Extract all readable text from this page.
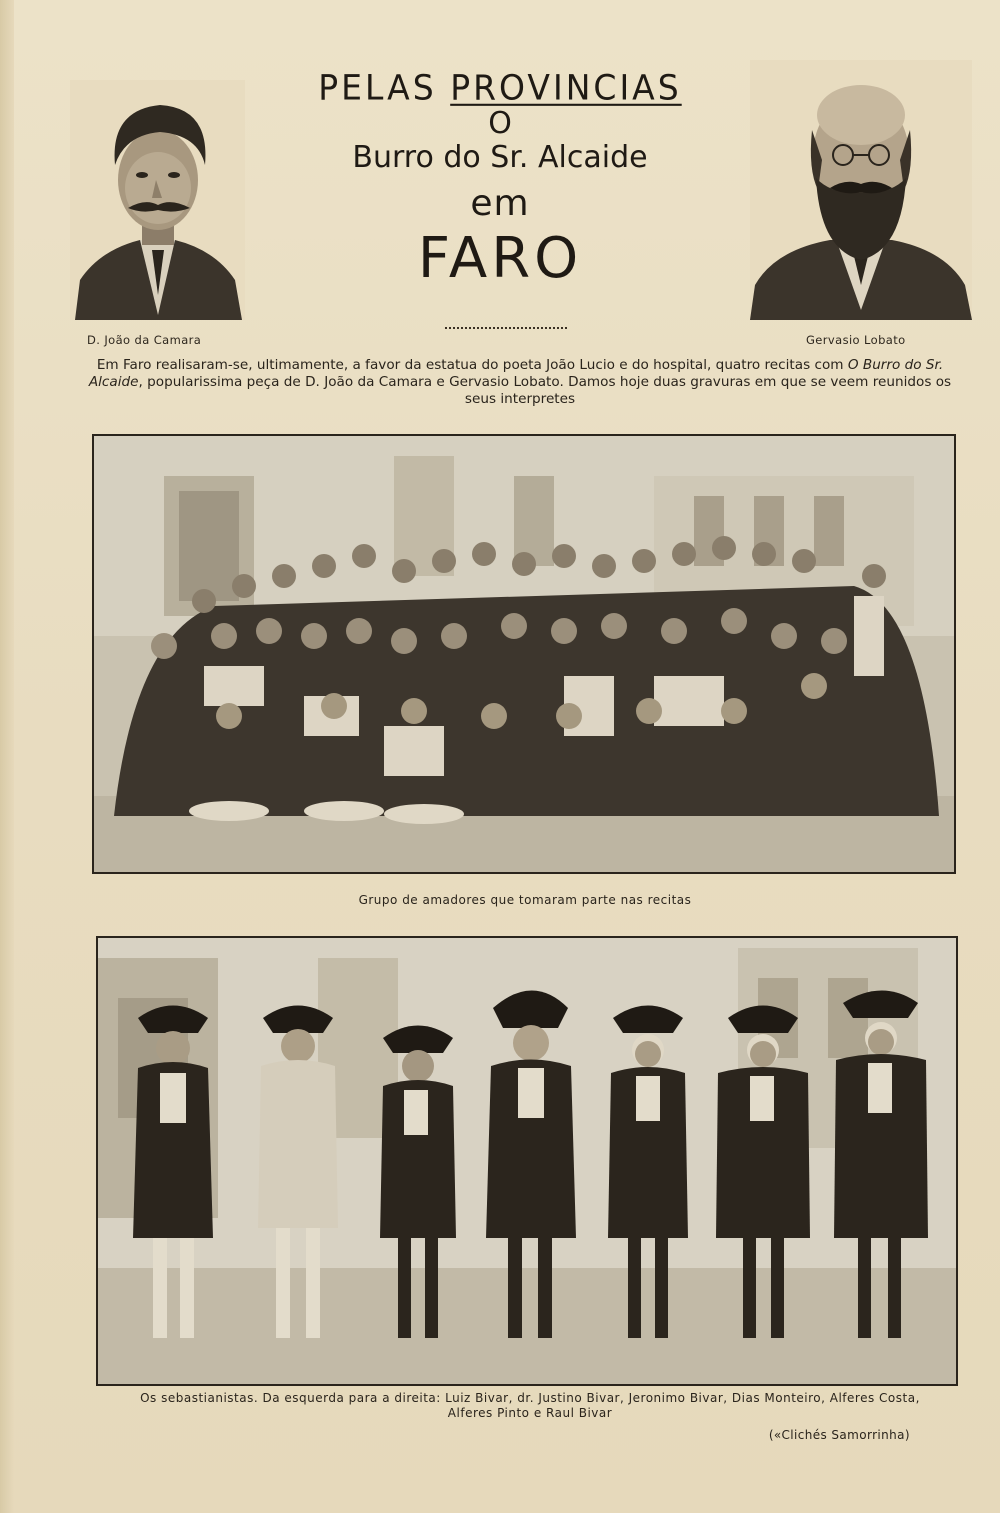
D. João da Camara	Gervasio Lobato
PELAS PROVINCIAS
O
Burro do Sr. Alcaide
em
FARO
Em Faro realisaram-se, ultimamente, a favor da estatua do poeta João Lucio e do hospital, quatro recitas com O Burro do Sr. Alcaide, popularissima peça de D. João da Camara e Gervasio Lobato. Damos hoje duas gravuras em que se veem reunidos os seus interpretes
Grupo de amadores que tomaram parte nas recitas
Os sebastianistas. Da esquerda para a direita: Luiz Bivar, dr. Justino Bivar, Jeronimo Bivar, Dias Monteiro, Alferes Costa, Alferes Pinto e Raul Bivar
(«Clichés Samorrinha)
